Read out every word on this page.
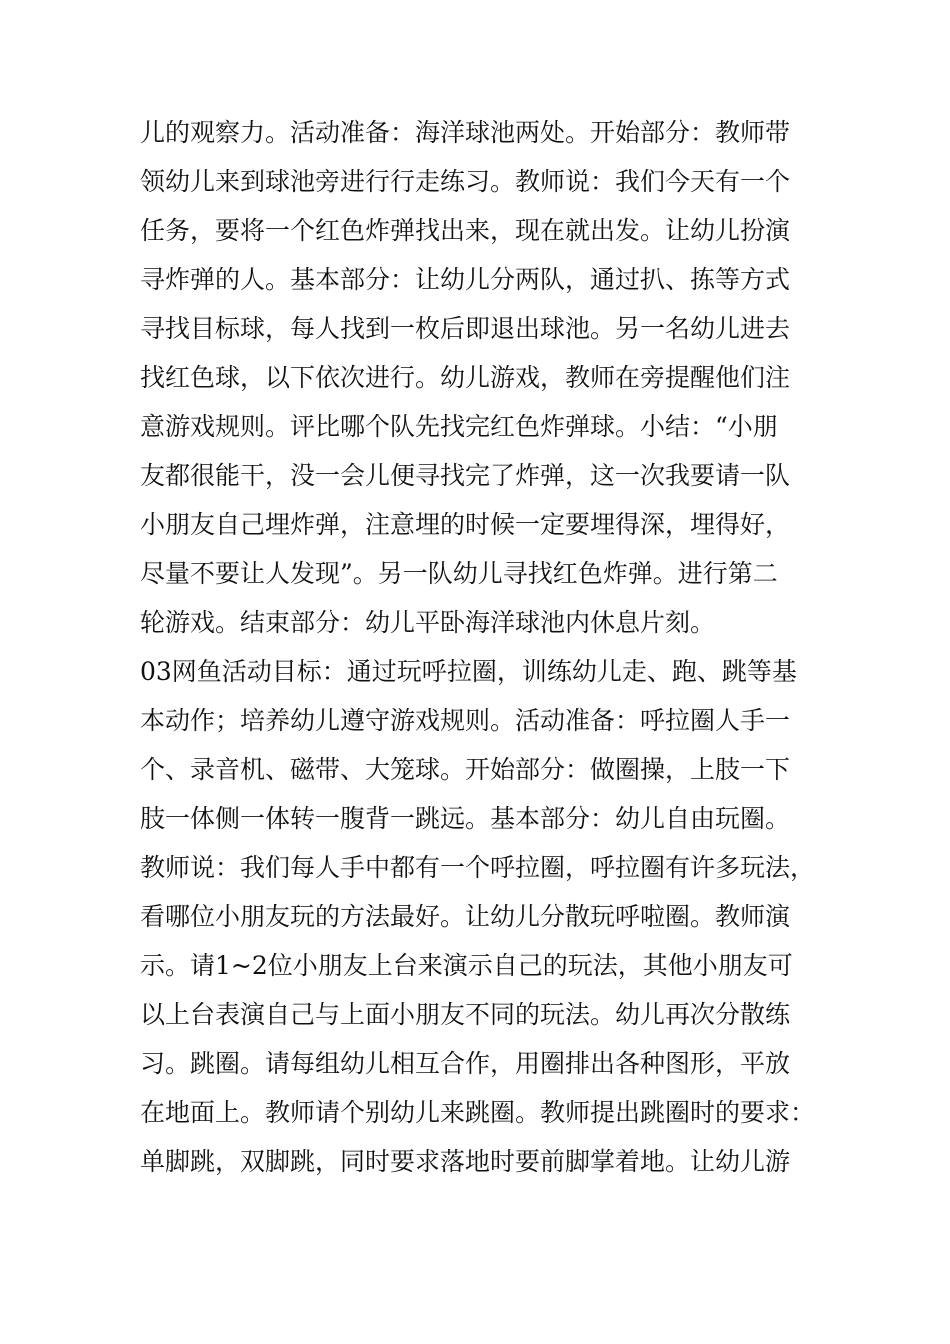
儿的观察力。活动准备：海洋球池两处。开始部分：教师带
领幼儿来到球池旁进行行走练习。教师说：我们今天有一个
任务，要将一个红色炸弹找出来，现在就出发。让幼儿扮演
寻炸弹的人。基本部分：让幼儿分两队，通过扒、拣等方式
寻找目标球，每人找到一枚后即退出球池。另一名幼儿进去
找红色球，以下依次进行。幼儿游戏，教师在旁提醒他们注
意游戏规则。评比哪个队先找完红色炸弹球。小结：“小朋
友都很能干，没一会儿便寻找完了炸弹，这一次我要请一队
小朋友自己埋炸弹，注意埋的时候一定要埋得深，埋得好，
尽量不要让人发现”。另一队幼儿寻找红色炸弹。进行第二
轮游戏。结束部分：幼儿平卧海洋球池内休息片刻。
03网鱼活动目标：通过玩呼拉圈，训练幼儿走、跑、跳等基
本动作；培养幼儿遵守游戏规则。活动准备：呼拉圈人手一
个、录音机、磁带、大笼球。开始部分：做圈操，上肢一下
肢一体侧一体转一腹背一跳远。基本部分：幼儿自由玩圈。
教师说：我们每人手中都有一个呼拉圈，呼拉圈有许多玩法，
看哪位小朋友玩的方法最好。让幼儿分散玩呼啦圈。教师演
示。请1~2位小朋友上台来演示自己的玩法，其他小朋友可
以上台表演自己与上面小朋友不同的玩法。幼儿再次分散练
习。跳圈。请每组幼儿相互合作，用圈排出各种图形，平放
在地面上。教师请个别幼儿来跳圈。教师提出跳圈时的要求：
单脚跳，双脚跳，同时要求落地时要前脚掌着地。让幼儿游
